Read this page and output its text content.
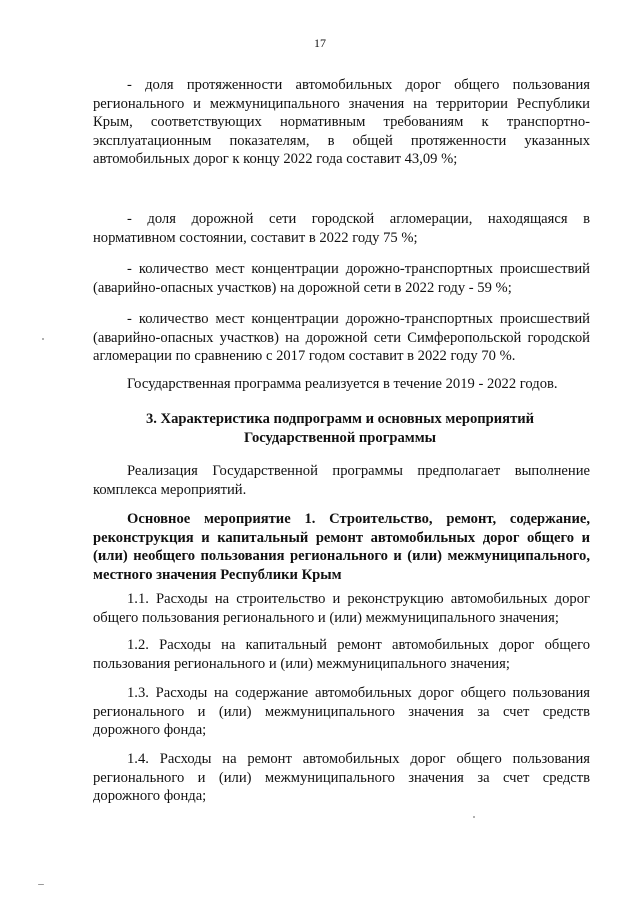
17

- доля протяженности автомобильных дорог общего пользования регионального и межмуниципального значения на территории Республики Крым, соответствующих нормативным требованиям к транспортно-эксплуатационным показателям, в общей протяженности указанных автомобильных дорог к концу 2022 года составит 43,09 %;

- доля дорожной сети городской агломерации, находящаяся в нормативном состоянии, составит в 2022 году 75 %;

- количество мест концентрации дорожно-транспортных происшествий (аварийно-опасных участков) на дорожной сети в 2022 году - 59 %;

- количество мест концентрации дорожно-транспортных происшествий (аварийно-опасных участков) на дорожной сети Симферопольской городской агломерации по сравнению с 2017 годом составит в 2022 году 70 %.

Государственная программа реализуется в течение 2019 - 2022 годов.

3. Характеристика подпрограмм и основных мероприятий Государственной программы

Реализация Государственной программы предполагает выполнение комплекса мероприятий.

Основное мероприятие 1. Строительство, ремонт, содержание, реконструкция и капитальный ремонт автомобильных дорог общего и (или) необщего пользования регионального и (или) межмуниципального, местного значения Республики Крым

1.1. Расходы на строительство и реконструкцию автомобильных дорог общего пользования регионального и (или) межмуниципального значения;

1.2. Расходы на капитальный ремонт автомобильных дорог общего пользования регионального и (или) межмуниципального значения;

1.3. Расходы на содержание автомобильных дорог общего пользования регионального и (или) межмуниципального значения за счет средств дорожного фонда;

1.4. Расходы на ремонт автомобильных дорог общего пользования регионального и (или) межмуниципального значения за счет средств дорожного фонда;
